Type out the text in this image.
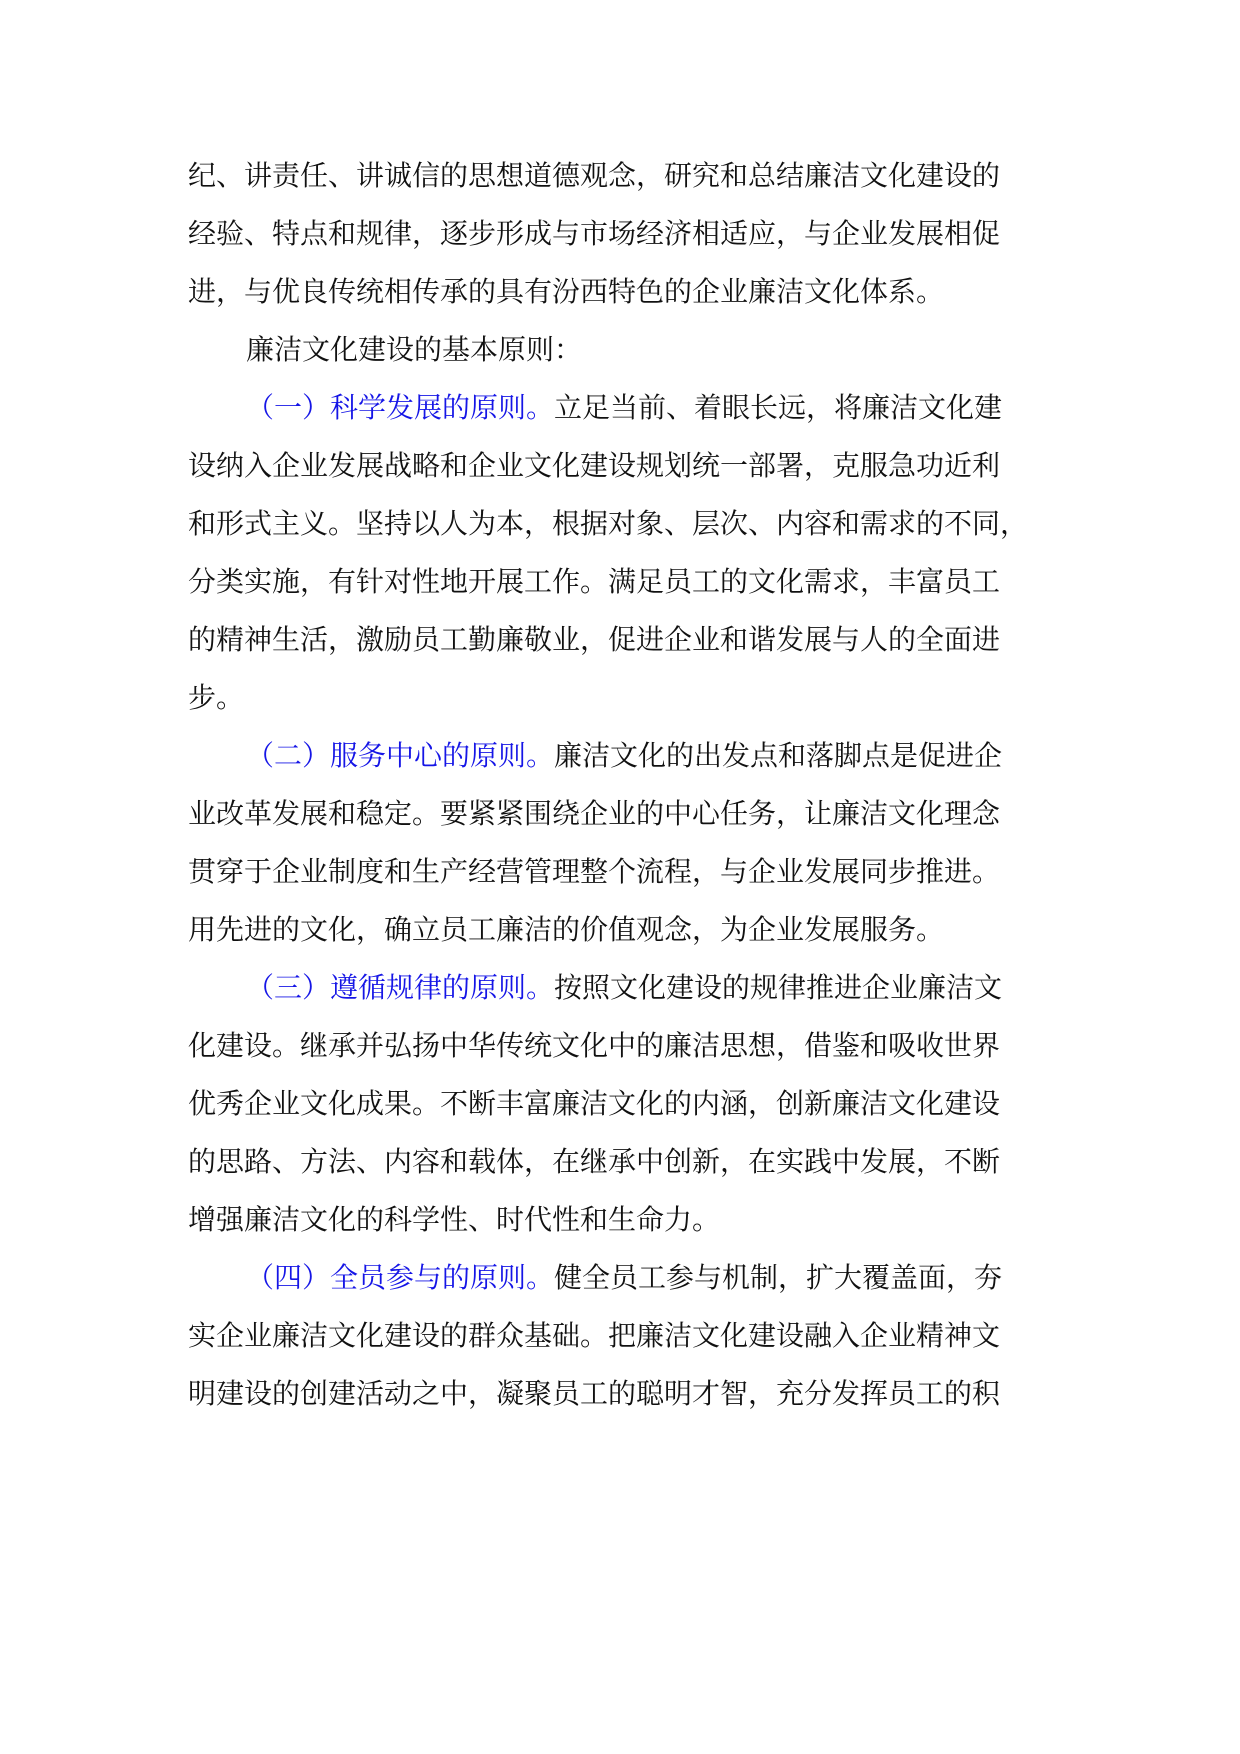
纪、讲责任、讲诚信的思想道德观念，研究和总结廉洁文化建设的
经验、特点和规律，逐步形成与市场经济相适应，与企业发展相促
进，与优良传统相传承的具有汾西特色的企业廉洁文化体系。
廉洁文化建设的基本原则：
（一）科学发展的原则。立足当前、着眼长远，将廉洁文化建
设纳入企业发展战略和企业文化建设规划统一部署，克服急功近利
和形式主义。坚持以人为本，根据对象、层次、内容和需求的不同，
分类实施，有针对性地开展工作。满足员工的文化需求，丰富员工
的精神生活，激励员工勤廉敬业，促进企业和谐发展与人的全面进
步。
（二）服务中心的原则。廉洁文化的出发点和落脚点是促进企
业改革发展和稳定。要紧紧围绕企业的中心任务，让廉洁文化理念
贯穿于企业制度和生产经营管理整个流程，与企业发展同步推进。
用先进的文化，确立员工廉洁的价值观念，为企业发展服务。
（三）遵循规律的原则。按照文化建设的规律推进企业廉洁文
化建设。继承并弘扬中华传统文化中的廉洁思想，借鉴和吸收世界
优秀企业文化成果。不断丰富廉洁文化的内涵，创新廉洁文化建设
的思路、方法、内容和载体，在继承中创新，在实践中发展，不断
增强廉洁文化的科学性、时代性和生命力。
（四）全员参与的原则。健全员工参与机制，扩大覆盖面，夯
实企业廉洁文化建设的群众基础。把廉洁文化建设融入企业精神文
明建设的创建活动之中，凝聚员工的聪明才智，充分发挥员工的积
